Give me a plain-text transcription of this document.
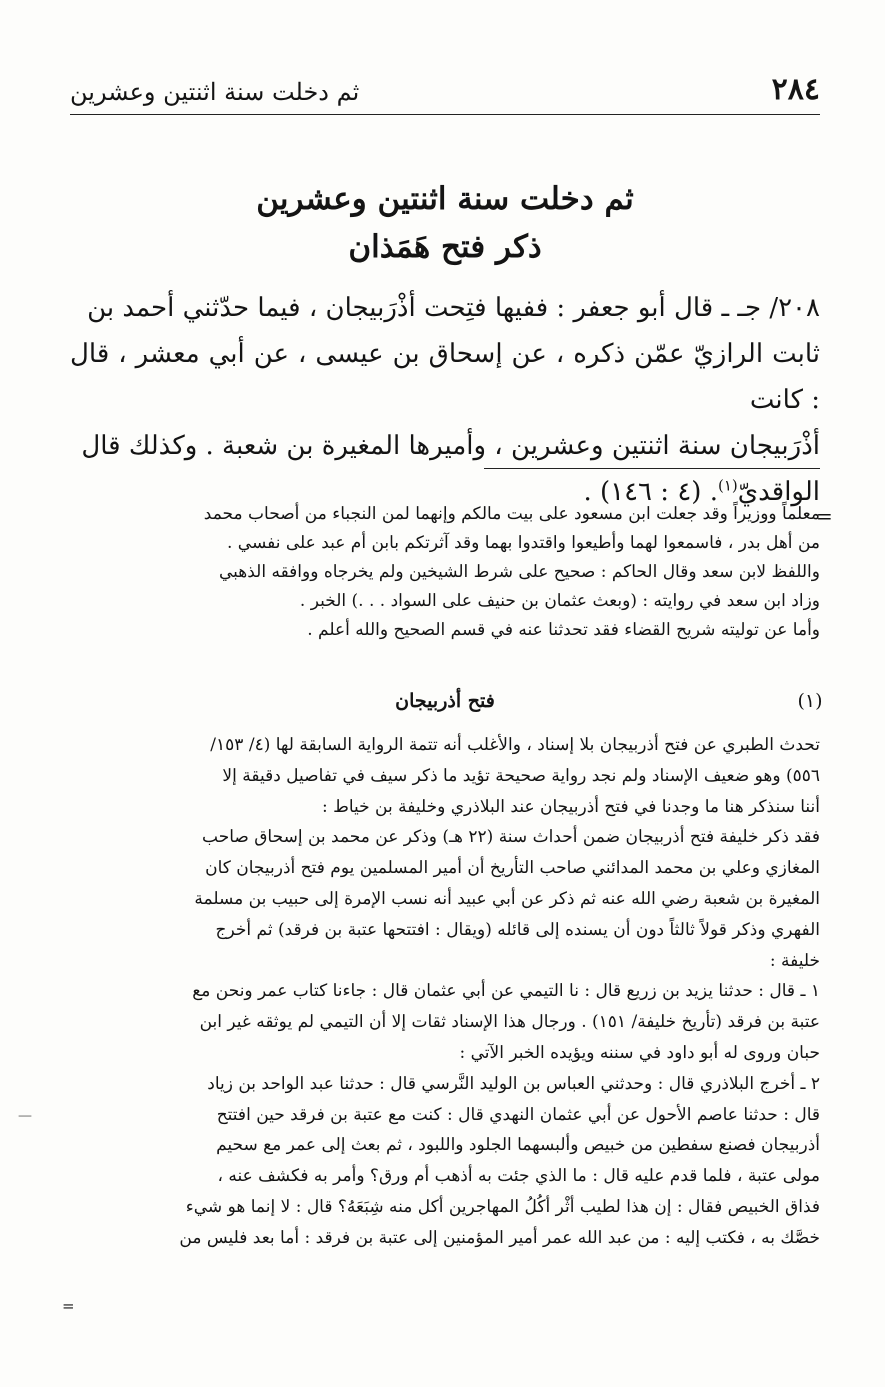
٢٨٤
ثم دخلت سنة اثنتين وعشرين
ثم دخلت سنة اثنتين وعشرين
ذكر فتح هَمَذان
٢٠٨/ جـ ـ قال أبو جعفر : ففيها فتِحت أذْرَبيجان ، فيما حدّثني أحمد بن
ثابت الرازيّ عمّن ذكره ، عن إسحاق بن عيسى ، عن أبي معشر ، قال : كانت
أذْرَبيجان سنة اثنتين وعشرين ، وأميرها المغيرة بن شعبة . وكذلك قال
الواقديّ$^{(١)}$. (٤ : ١٤٦) .
=
معلماً ووزيراً وقد جعلت ابن مسعود على بيت مالكم وإنهما لمن النجباء من أصحاب محمد
من أهل بدر ، فاسمعوا لهما وأطيعوا واقتدوا بهما وقد آثرتكم بابن أم عبد على نفسي .
واللفظ لابن سعد وقال الحاكم : صحيح على شرط الشيخين ولم يخرجاه ووافقه الذهبي
وزاد ابن سعد في روايته : (وبعث عثمان بن حنيف على السواد . . .) الخبر .
وأما عن توليته شريح القضاء فقد تحدثنا عنه في قسم الصحيح والله أعلم .
(١)
فتح أذربيجان
تحدث الطبري عن فتح أذربيجان بلا إسناد ، والأغلب أنه تتمة الرواية السابقة لها (٤/ ١٥٣/
٥٥٦) وهو ضعيف الإسناد ولم نجد رواية صحيحة تؤيد ما ذكر سيف في تفاصيل دقيقة إلا
أننا سنذكر هنا ما وجدنا في فتح أذربيجان عند البلاذري وخليفة بن خياط :
فقد ذكر خليفة فتح أذربيجان ضمن أحداث سنة (٢٢ هـ) وذكر عن محمد بن إسحاق صاحب
المغازي وعلي بن محمد المدائني صاحب التأريخ أن أمير المسلمين يوم فتح أذربيجان كان
المغيرة بن شعبة رضي الله عنه ثم ذكر عن أبي عبيد أنه نسب الإمرة إلى حبيب بن مسلمة
الفهري وذكر قولاً ثالثاً دون أن يسنده إلى قائله (ويقال : افتتحها عتبة بن فرقد) ثم أخرج
خليفة :
١ ـ قال : حدثنا يزيد بن زريع قال : نا التيمي عن أبي عثمان قال : جاءنا كتاب عمر ونحن مع
عتبة بن فرقد (تأريخ خليفة/ ١٥١) . ورجال هذا الإسناد ثقات إلا أن التيمي لم يوثقه غير ابن
حبان وروى له أبو داود في سننه ويؤيده الخبر الآتي :
٢ ـ أخرج البلاذري قال : وحدثني العباس بن الوليد النَّرسي قال : حدثنا عبد الواحد بن زياد
قال : حدثنا عاصم الأحول عن أبي عثمان النهدي قال : كنت مع عتبة بن فرقد حين افتتح
أذربيجان فصنع سفطين من خبيص وألبسهما الجلود واللبود ، ثم بعث إلى عمر مع سحيم
مولى عتبة ، فلما قدم عليه قال : ما الذي جئت به أذهب أم ورق؟ وأمر به فكشف عنه ،
فذاق الخبيص فقال : إن هذا لطيب أثْر أكُلُ المهاجرين أكل منه شِبَعَهُ؟ قال : لا إنما هو شيء
خصَّك به ، فكتب إليه : من عبد الله عمر أمير المؤمنين إلى عتبة بن فرقد : أما بعد فليس من
=
—
